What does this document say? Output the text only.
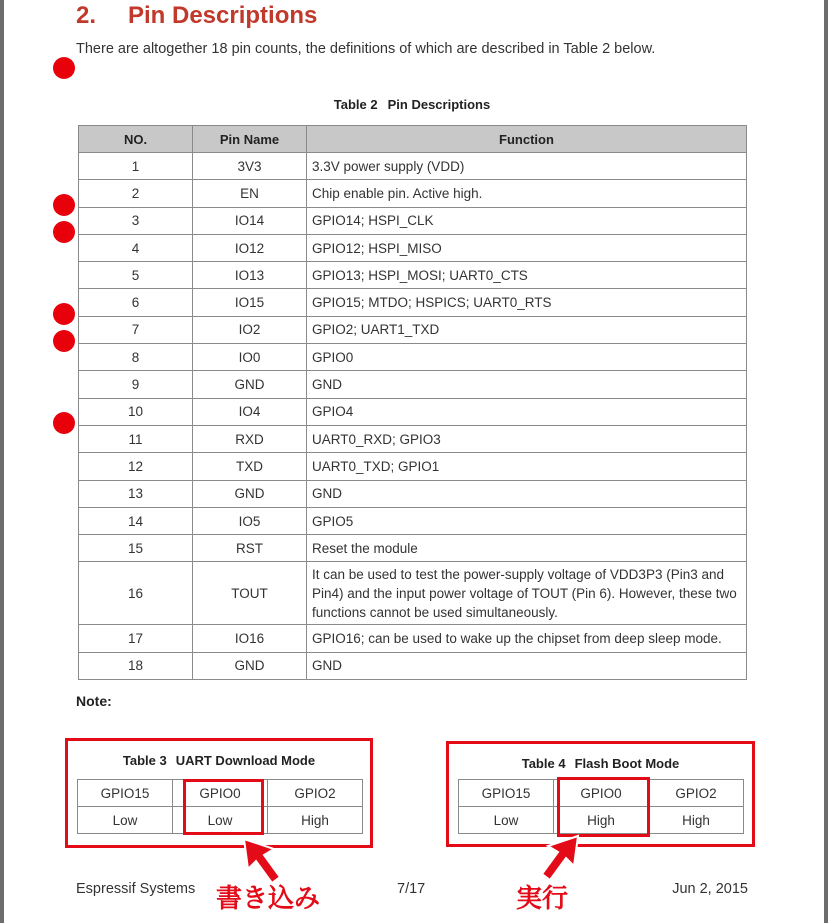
2. Pin Descriptions

There are altogether 18 pin counts, the definitions of which are described in Table 2 below.

Table 2 Pin Descriptions
NO.	Pin Name	Function
1	3V3	3.3V power supply (VDD)
2	EN	Chip enable pin. Active high.
3	IO14	GPIO14; HSPI_CLK
4	IO12	GPIO12; HSPI_MISO
5	IO13	GPIO13; HSPI_MOSI; UART0_CTS
6	IO15	GPIO15; MTDO; HSPICS; UART0_RTS
7	IO2	GPIO2; UART1_TXD
8	IO0	GPIO0
9	GND	GND
10	IO4	GPIO4
11	RXD	UART0_RXD; GPIO3
12	TXD	UART0_TXD; GPIO1
13	GND	GND
14	IO5	GPIO5
15	RST	Reset the module
16	TOUT	It can be used to test the power-supply voltage of VDD3P3 (Pin3 and Pin4) and the input power voltage of TOUT (Pin 6). However, these two functions cannot be used simultaneously.
17	IO16	GPIO16; can be used to wake up the chipset from deep sleep mode.
18	GND	GND
Note:
Table 3 UART Download Mode
GPIO15	GPIO0	GPIO2
Low	Low	High
Table 4 Flash Boot Mode
GPIO15	GPIO0	GPIO2
Low	High	High
Espressif Systems 書き込み	7/17	実行	Jun 2, 2015
